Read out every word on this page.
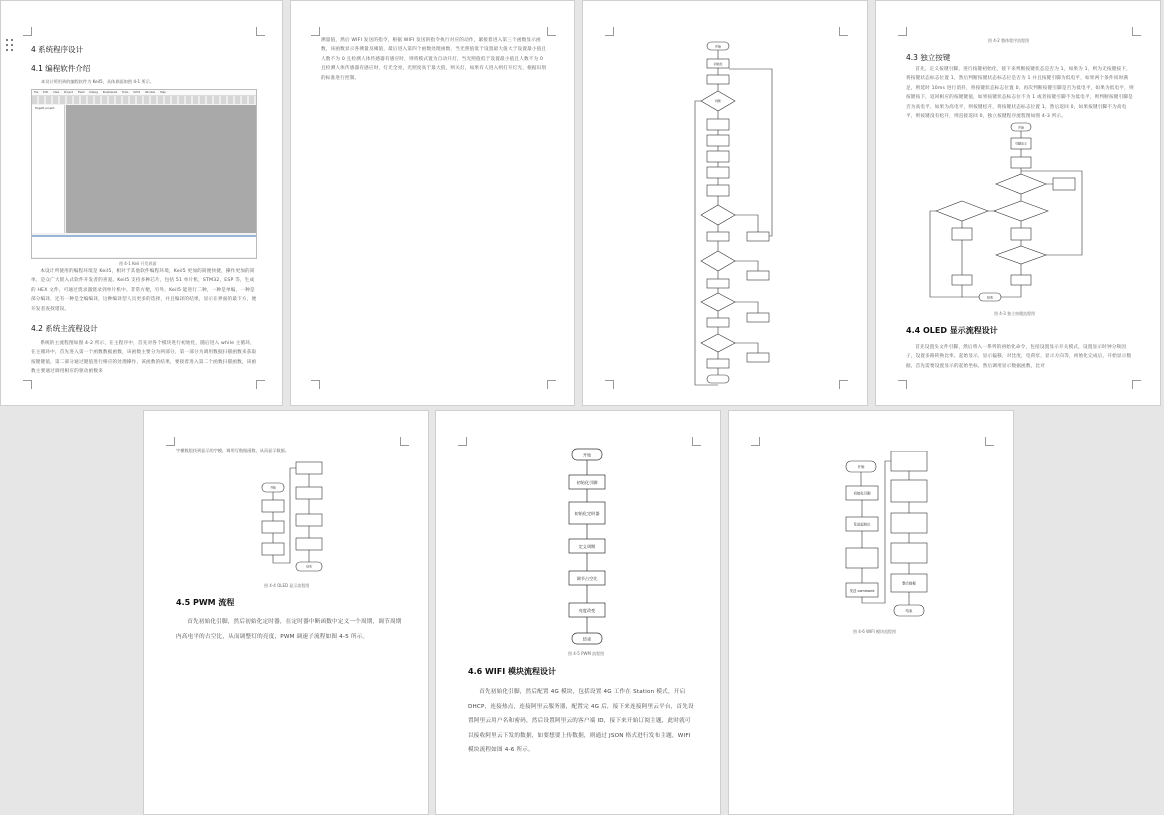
4 系统程序设计
4.1 编程软件介绍
本设计所用到的编程软件为 Keil5，具体界面如图 4-1 所示。
File Edit View Project Flash Debug Peripherals Tools SVCS Window Help
Target1 project
图 4-1 Keil 开发界面
本设计所使用的编程环境是 Keil5，相对于其他软件编程环境，Keil5 更加的简便快捷，操作更加的简单，是众广大嵌入式软件开发者的喜爱。Keil5 支持多种芯片，包括 51 单片机，STM32，ESP 等，生成的 HEX 文件，可通过烧录器烧录到单片机中。非常方便，另外，Keil5 能进行二种，一种是单编，一种是部分编译，还有一种是全编编译，这种编译型人员更多的选择，并且编译的结果，显示在界面的最下方，便开发者查找错误。
4.2 系统主流程设计
系统的主流程图如图 4-2 所示，在主程序中，首先对各个模块进行初始化，随后进入 while 主循环，在主循环中，首先进入第一个函数数据函数，该函数主要分为两部分，第一部分为调用数据扫描函数来获取按键键值，第二部分通过键值进行相应的处理操作，该函数的结果，要接着进入第二个函数扫描函数，该函数主要通过调用相应的驱动函数来
测量值，然后 WIFI 发送的指令，根据 WIFI 发送的指令执行对应的动作，紧接着进入第三个函数显示函数，该函数显示各测量及阈值，最后进入第四个函数处理函数，当光照值低于设置最大值大于设置最小值且人数不为 0 且检测人体传感器有感应时，则将模式置为自动开灯，当光照值低于设置最小值且人数不为 0 且检测人体传感器有感应时，灯光全亮，光照度高于最大值，则关灯，如果有人进入则打开灯光，根据识别的标准进行控制。
开始
初始化
判断
图 4-2 整体程序流程图
4.3 独立按键
首先，定义按键引脚，进行按键初始化，接下来判断按键状态是否为 1，如果为 1，则为无按键按下，将按键状态标志位置 1，然后判断按键状态标志位是否为 1 并且按键引脚为低电平，如果两个条件同时满足，则延时 10ms 进行消抖，将按键状态标志位置 0，再次判断按键引脚是否为低电平，如果为低电平，则按键按下，返回相应的按键键值，如果按键状态标志位不为 1 或者按键引脚不为低电平，则判断按键引脚是否为高电平，如果为高电平，则按键松开，将按键状态标志位置 1，然后返回 0，如果按键引脚不为高电平，则按键没有松开，则直接返回 0，独立按键程序流程图如图 4-3 所示。
开始
引脚定义
结束
图 4-3 独立按键流程图
4.4 OLED 显示流程设计
首先设置头文件引脚，然后将入一系列的初始化命令，包括设置显示开关模式，设置显示时钟分频因子，设置多路转换比率，起始显示，显示偏移，对比度，电荷泵，显示方向等，初始化完成后，开始显示数据，首先需要设置显示的起始坐标，然后调用显示数据函数，比对
字模数组找到显示的字模，调用写数据函数，从而显示数据。
开始
结束
图 4-4 OLED 显示流程图
4.5 PWM 流程
首先初始化引脚，然后初始化定时器，在定时器中断函数中定义一个周期，调节周期内高电平的占空比，从而调整灯的亮度，PWM 调速子流程如图 4-5 所示。
开始
初始化引脚
初始化定时器
定义周期
调节占空比
亮度改变
结束
图 4-5 PWM 流程图
4.6 WIFI 模块流程设计
首先初始化引脚，然后配置 4G 模块，包括设置 4G 工作在 Station 模式，开启 DHCP，连接热点，连接阿里云服务器，配置完 4G 后，接下来连接阿里云平台，首先设置阿里云用户名和密码，然后设置阿里云的客户端 ID，接下来开始订阅主题，此时就可以接收阿里云下发的数据，如要想要上传数据，则通过 JSON 格式进行发布主题，WIFI 模块流程如图 4-6 所示。
开始
初始化引脚
发送起始位
发送 command
整合数据
结束
图 4-6 WIFI 模块流程图
